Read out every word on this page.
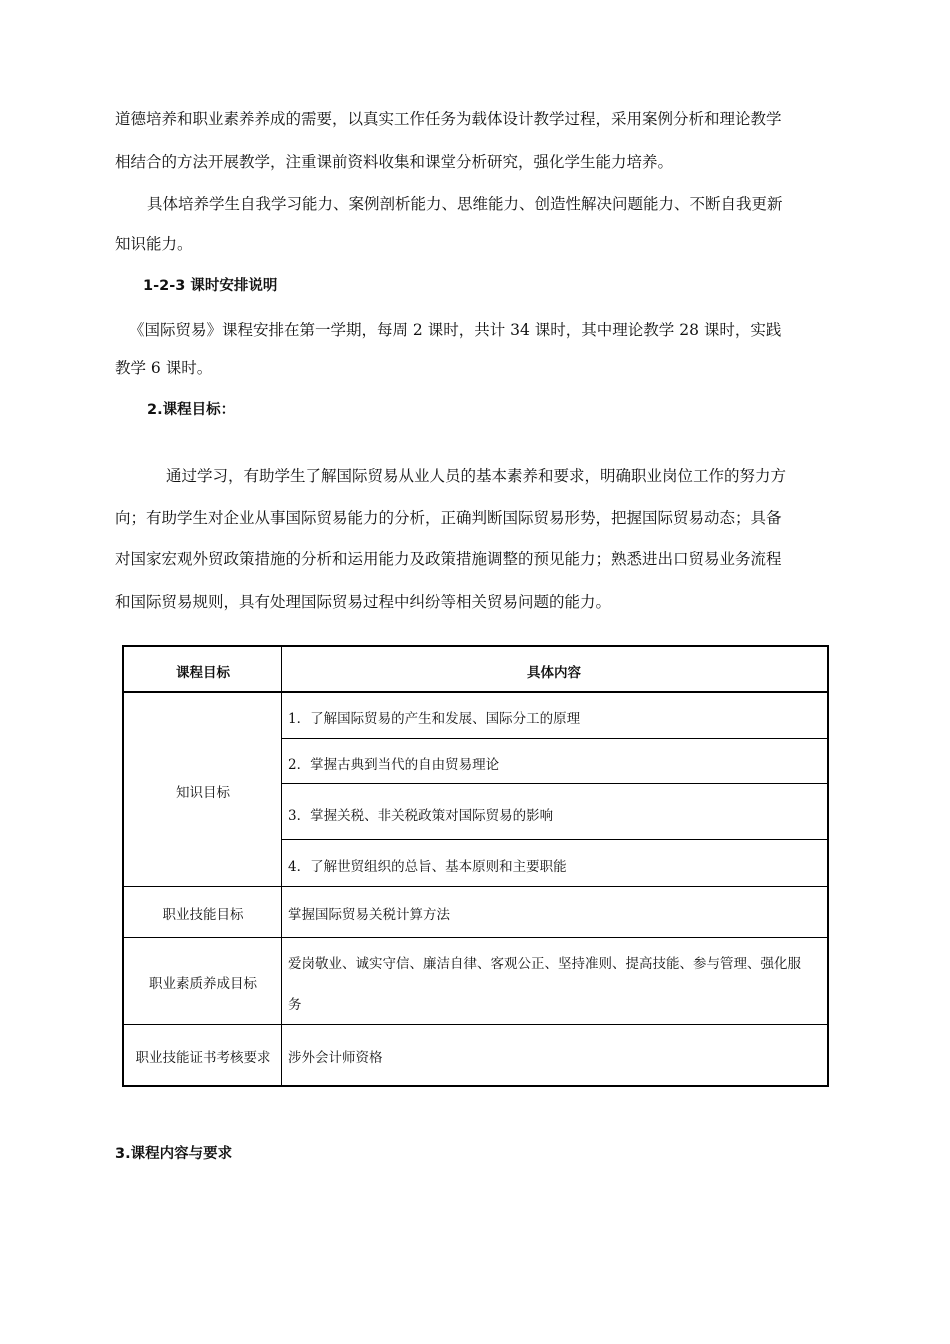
道德培养和职业素养养成的需要，以真实工作任务为载体设计教学过程，采用案例分析和理论教学
相结合的方法开展教学，注重课前资料收集和课堂分析研究，强化学生能力培养。
具体培养学生自我学习能力、案例剖析能力、思维能力、创造性解决问题能力、不断自我更新
知识能力。
1-2-3 课时安排说明
《国际贸易》课程安排在第一学期，每周 2 课时，共计 34 课时，其中理论教学 28 课时，实践
教学 6 课时。
2.课程目标：
通过学习，有助学生了解国际贸易从业人员的基本素养和要求，明确职业岗位工作的努力方
向；有助学生对企业从事国际贸易能力的分析，正确判断国际贸易形势，把握国际贸易动态；具备
对国家宏观外贸政策措施的分析和运用能力及政策措施调整的预见能力；熟悉进出口贸易业务流程
和国际贸易规则，具有处理国际贸易过程中纠纷等相关贸易问题的能力。
课程目标	具体内容
知识目标
1．了解国际贸易的产生和发展、国际分工的原理
2．掌握古典到当代的自由贸易理论
3．掌握关税、非关税政策对国际贸易的影响
4．了解世贸组织的总旨、基本原则和主要职能
职业技能目标	掌握国际贸易关税计算方法
职业素质养成目标
爱岗敬业、诚实守信、廉洁自律、客观公正、坚持准则、提高技能、参与管理、强化服
务
职业技能证书考核要求 涉外会计师资格
3.课程内容与要求
